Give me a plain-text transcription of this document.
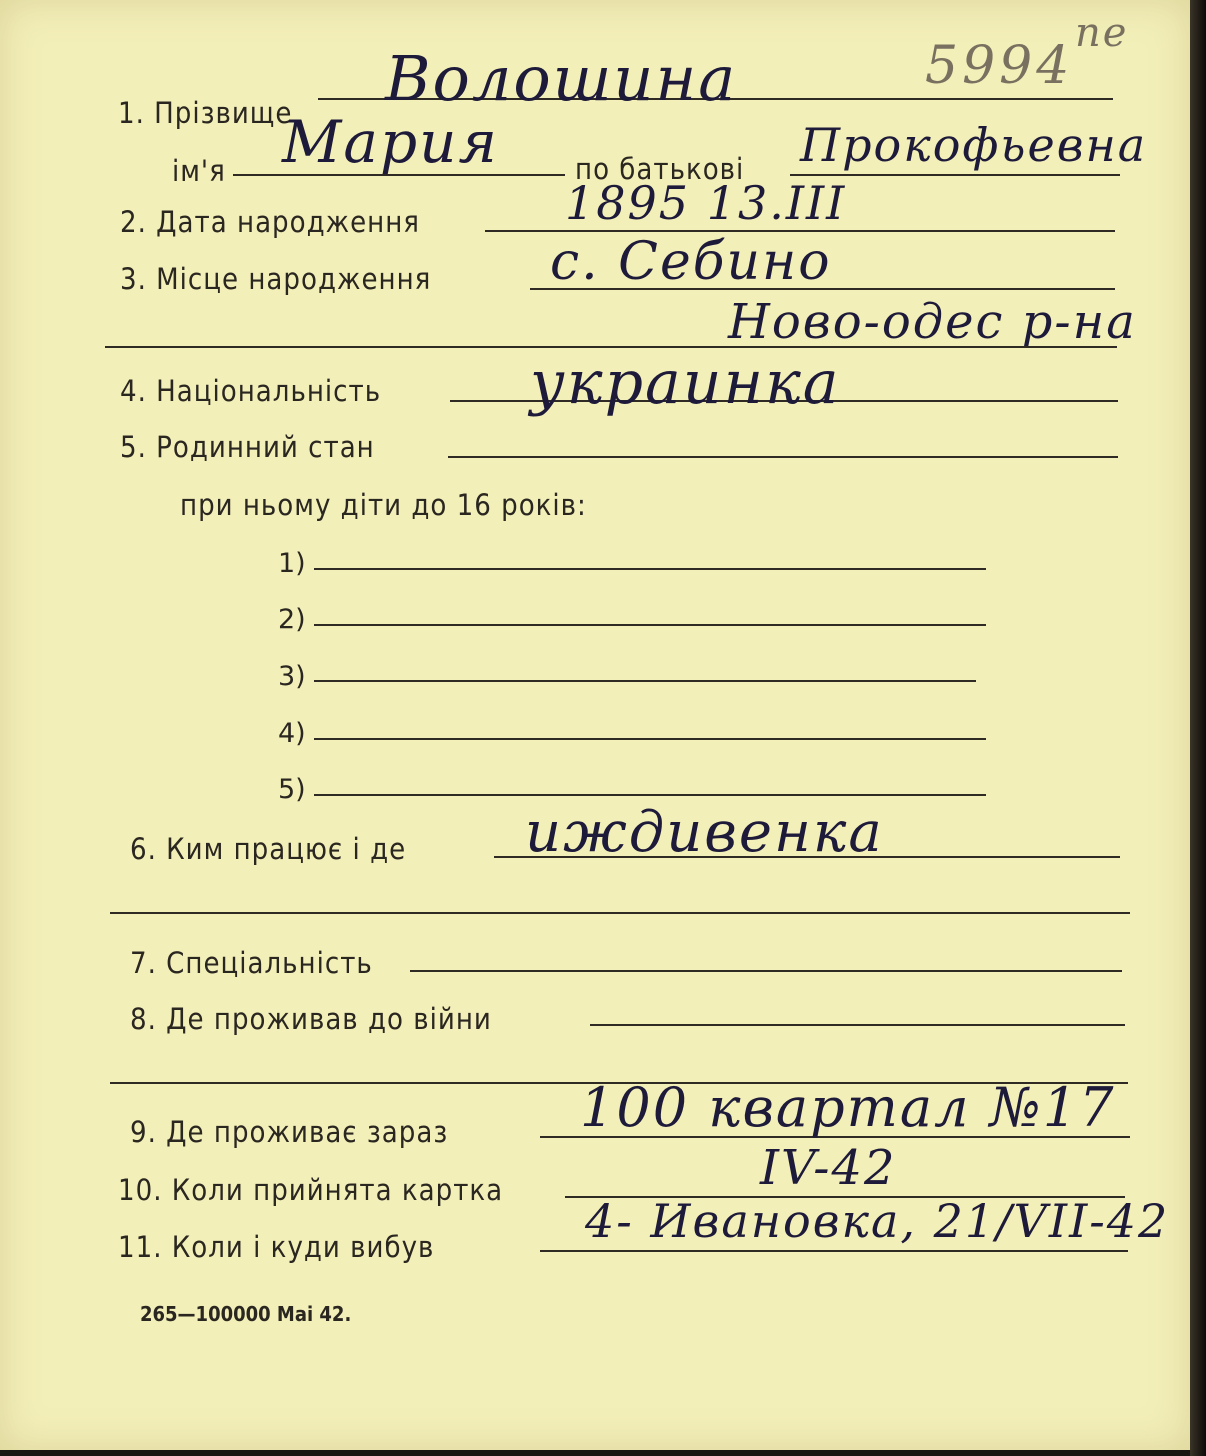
5994
ne
1. Прізвище Волошина
ім'я Мария	по батькові Прокофьевна
2. Дата народження	1895 13.III
3. Місце народження с. Себино
Ново-одес р-на
4. Національність украинка
5. Родинний стан
при ньому діти до 16 років:
1)
2)
3)
4)
5)
6. Ким працює і де иждивенка
7. Спеціальність
8. Де проживав до війни
9. Де проживає зараз 100 квартал №17
10. Коли прийнята картка	IV-42
11. Коли і куди вибув	4- Ивановка, 21/VII-42
265—100000 Маі 42.
